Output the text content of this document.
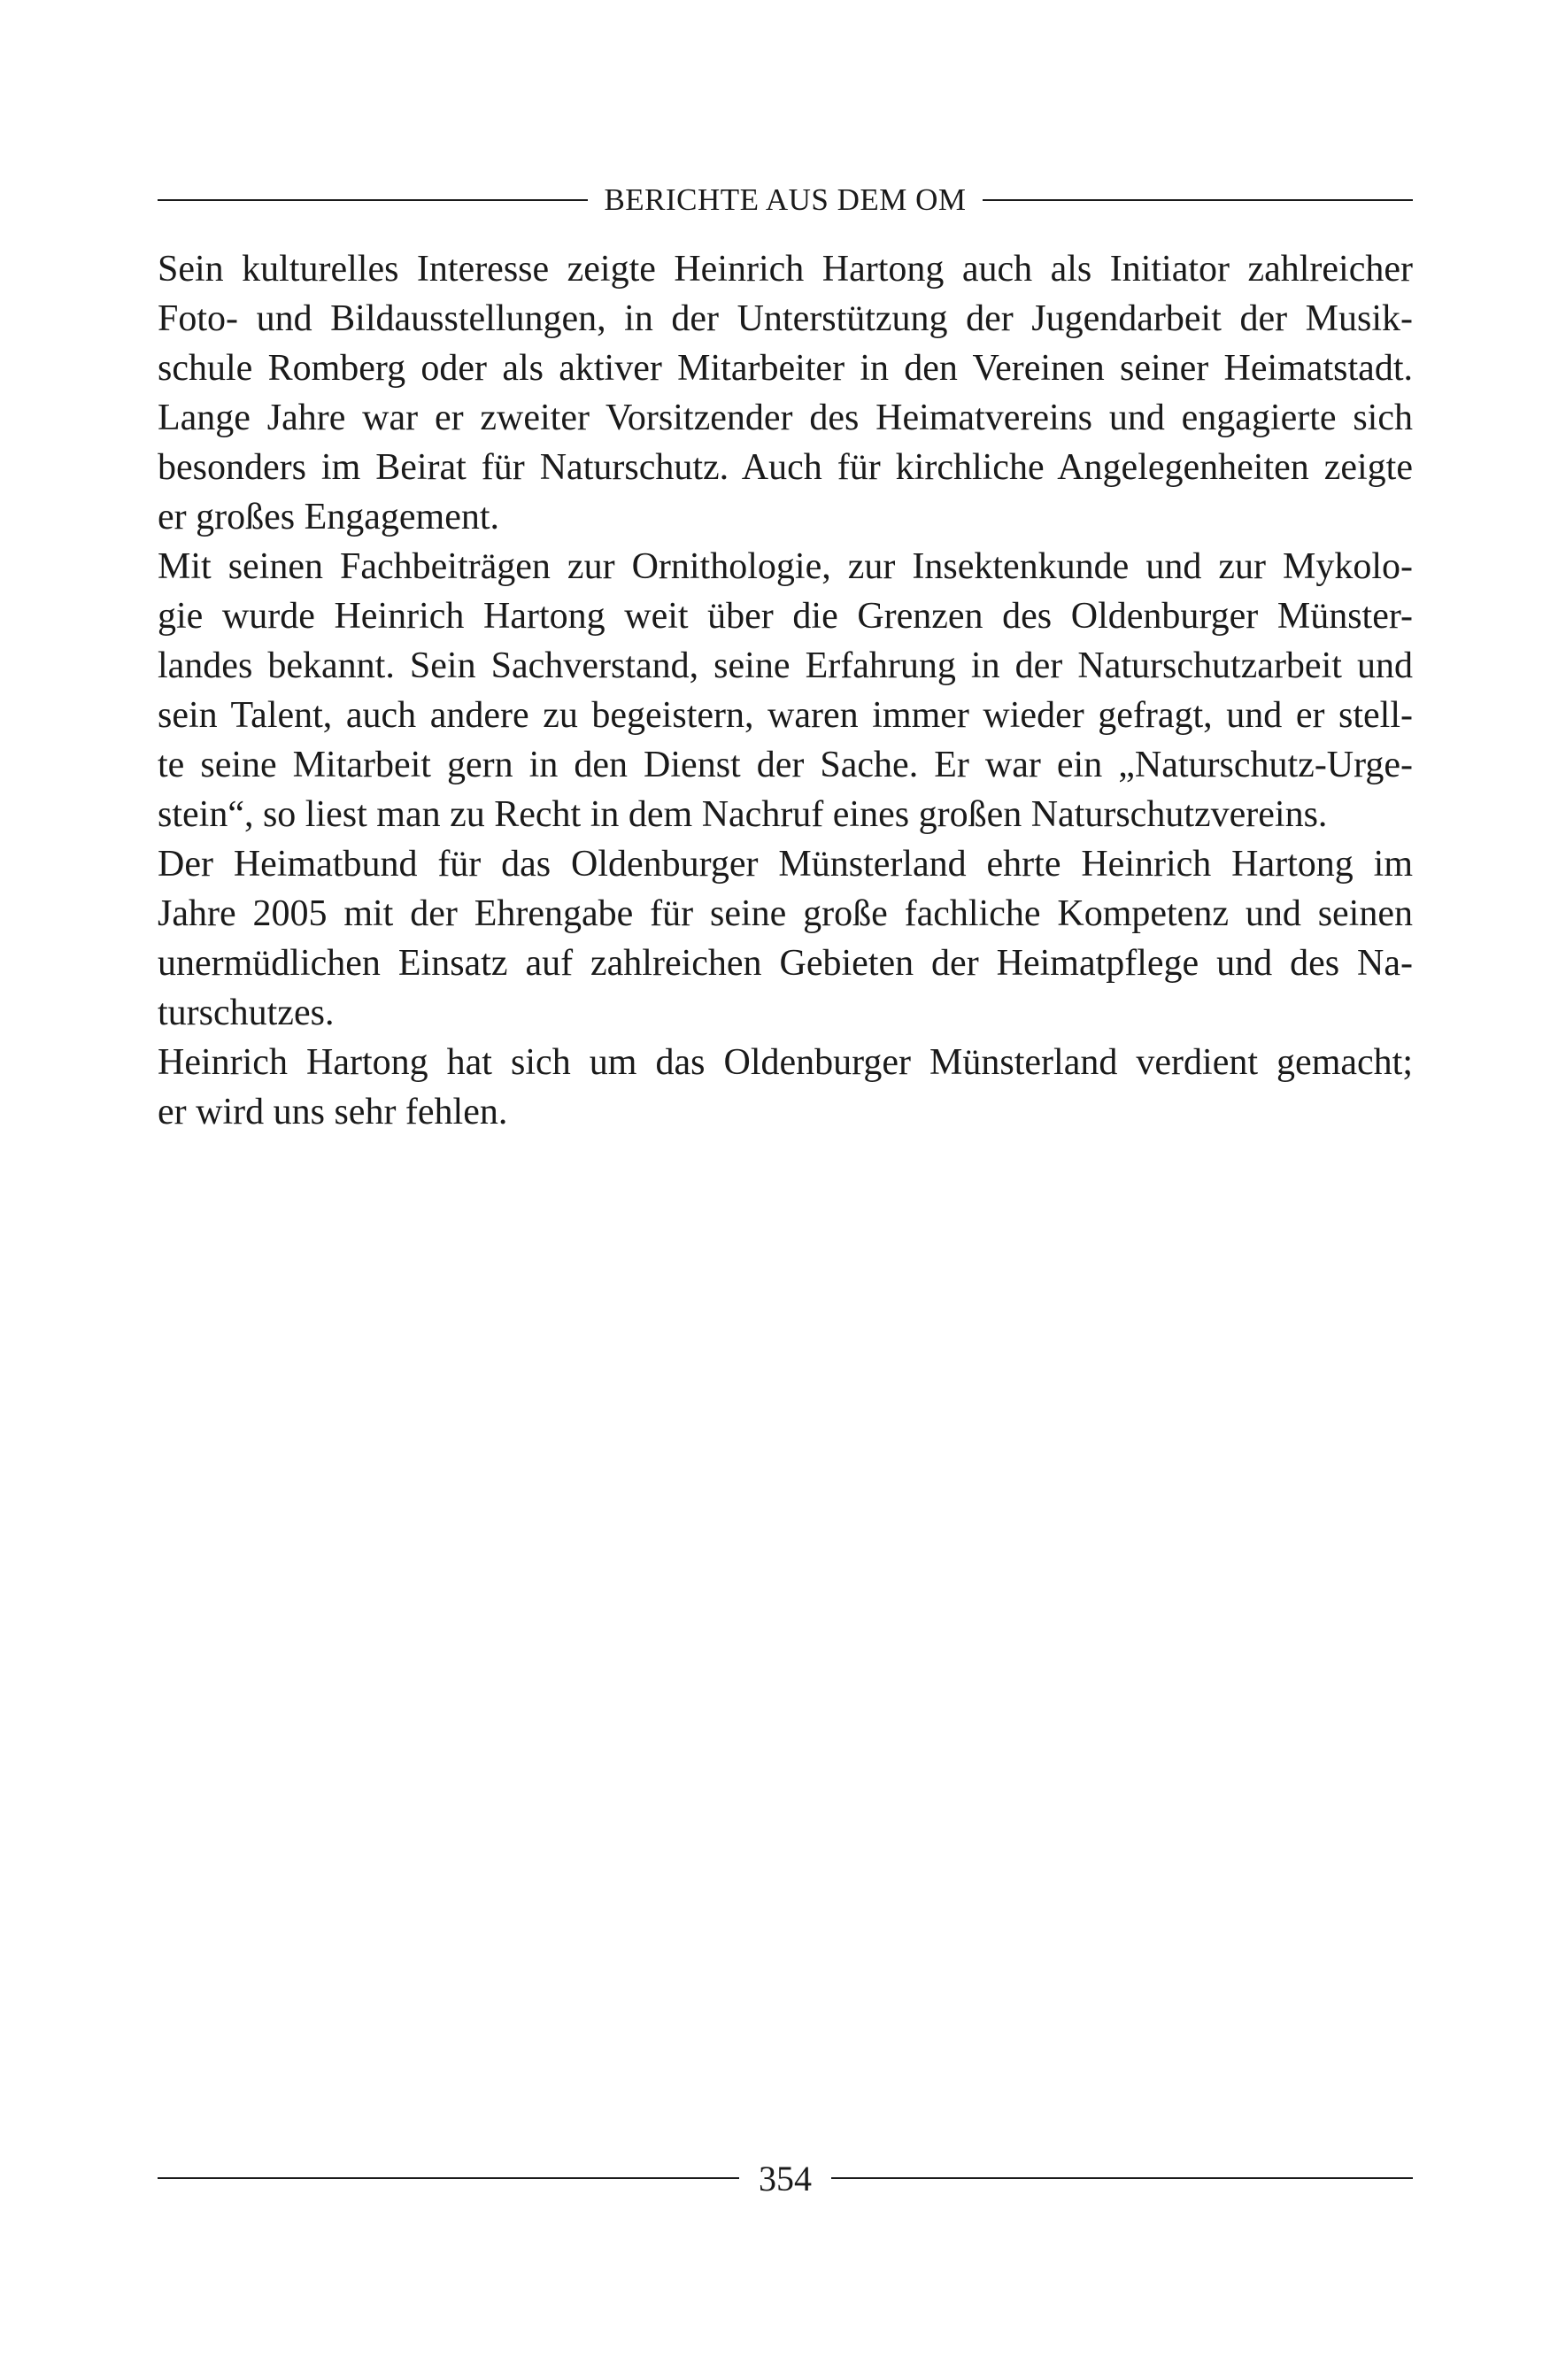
BERICHTE AUS DEM OM

Sein kulturelles Interesse zeigte Heinrich Hartong auch als Initiator zahlreicher
Foto- und Bildausstellungen, in der Unterstützung der Jugendarbeit der Musik-
schule Romberg oder als aktiver Mitarbeiter in den Vereinen seiner Heimatstadt.
Lange Jahre war er zweiter Vorsitzender des Heimatvereins und engagierte sich
besonders im Beirat für Naturschutz. Auch für kirchliche Angelegenheiten zeigte
er großes Engagement.

Mit seinen Fachbeiträgen zur Ornithologie, zur Insektenkunde und zur Mykolo-
gie wurde Heinrich Hartong weit über die Grenzen des Oldenburger Münster-
landes bekannt. Sein Sachverstand, seine Erfahrung in der Naturschutzarbeit und
sein Talent, auch andere zu begeistern, waren immer wieder gefragt, und er stell-
te seine Mitarbeit gern in den Dienst der Sache. Er war ein „Naturschutz-Urge-
stein“, so liest man zu Recht in dem Nachruf eines großen Naturschutzvereins.

Der Heimatbund für das Oldenburger Münsterland ehrte Heinrich Hartong im
Jahre 2005 mit der Ehrengabe für seine große fachliche Kompetenz und seinen
unermüdlichen Einsatz auf zahlreichen Gebieten der Heimatpflege und des Na-
turschutzes.

Heinrich Hartong hat sich um das Oldenburger Münsterland verdient gemacht;
er wird uns sehr fehlen.

354
